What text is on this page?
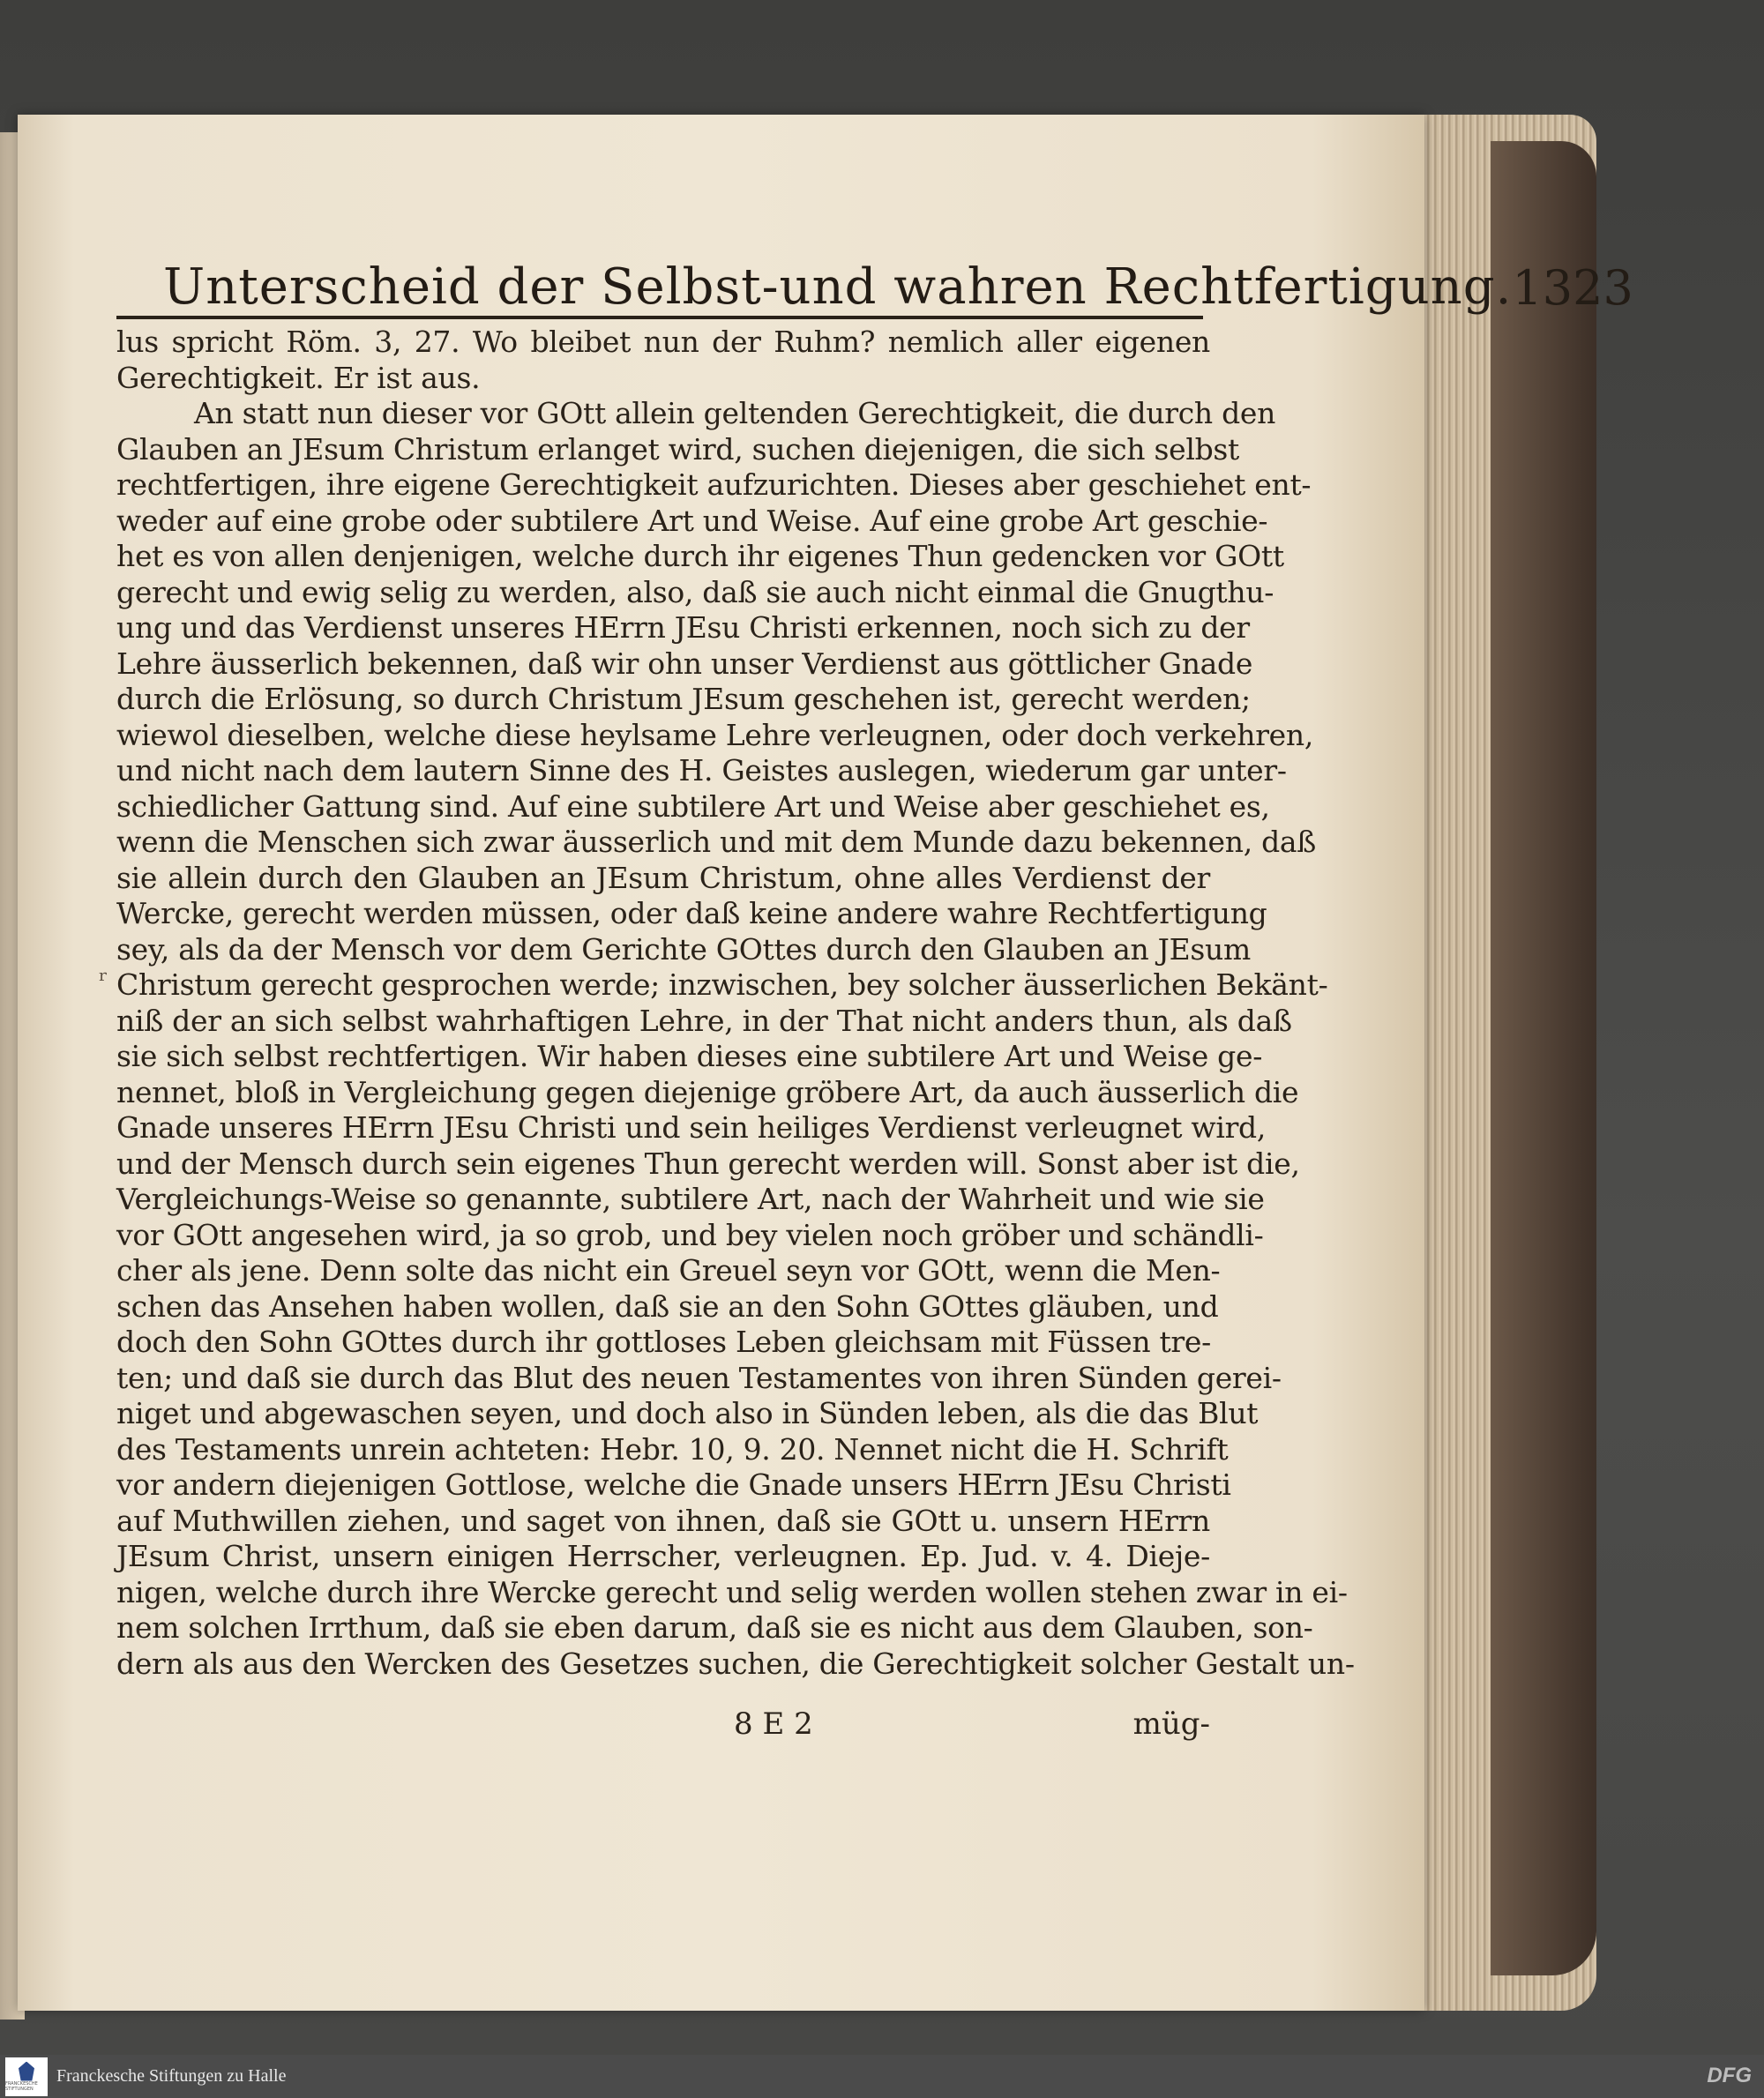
Unterscheid der Selbst-und wahren Rechtfertigung. 1323
lus spricht Röm. 3, 27. Wo bleibet nun der Ruhm? nemlich aller eigenen
Gerechtigkeit. Er ist aus.
An statt nun dieser vor GOtt allein geltenden Gerechtigkeit, die durch den
Glauben an JEsum Christum erlanget wird, suchen diejenigen, die sich selbst
rechtfertigen, ihre eigene Gerechtigkeit aufzurichten. Dieses aber geschiehet ent-
weder auf eine grobe oder subtilere Art und Weise. Auf eine grobe Art geschie-
het es von allen denjenigen, welche durch ihr eigenes Thun gedencken vor GOtt
gerecht und ewig selig zu werden, also, daß sie auch nicht einmal die Gnugthu-
ung und das Verdienst unseres HErrn JEsu Christi erkennen, noch sich zu der
Lehre äusserlich bekennen, daß wir ohn unser Verdienst aus göttlicher Gnade
durch die Erlösung, so durch Christum JEsum geschehen ist, gerecht werden;
wiewol dieselben, welche diese heylsame Lehre verleugnen, oder doch verkehren,
und nicht nach dem lautern Sinne des H. Geistes auslegen, wiederum gar unter-
schiedlicher Gattung sind. Auf eine subtilere Art und Weise aber geschiehet es,
wenn die Menschen sich zwar äusserlich und mit dem Munde dazu bekennen, daß
sie allein durch den Glauben an JEsum Christum, ohne alles Verdienst der
Wercke, gerecht werden müssen, oder daß keine andere wahre Rechtfertigung
sey, als da der Mensch vor dem Gerichte GOttes durch den Glauben an JEsum
Christum gerecht gesprochen werde; inzwischen, bey solcher äusserlichen Bekänt-
niß der an sich selbst wahrhaftigen Lehre, in der That nicht anders thun, als daß
sie sich selbst rechtfertigen. Wir haben dieses eine subtilere Art und Weise ge-
nennet, bloß in Vergleichung gegen diejenige gröbere Art, da auch äusserlich die
Gnade unseres HErrn JEsu Christi und sein heiliges Verdienst verleugnet wird,
und der Mensch durch sein eigenes Thun gerecht werden will. Sonst aber ist die,
Vergleichungs-Weise so genannte, subtilere Art, nach der Wahrheit und wie sie
vor GOtt angesehen wird, ja so grob, und bey vielen noch gröber und schändli-
cher als jene. Denn solte das nicht ein Greuel seyn vor GOtt, wenn die Men-
schen das Ansehen haben wollen, daß sie an den Sohn GOttes gläuben, und
doch den Sohn GOttes durch ihr gottloses Leben gleichsam mit Füssen tre-
ten; und daß sie durch das Blut des neuen Testamentes von ihren Sünden gerei-
niget und abgewaschen seyen, und doch also in Sünden leben, als die das Blut
des Testaments unrein achteten: Hebr. 10, 9. 20. Nennet nicht die H. Schrift
vor andern diejenigen Gottlose, welche die Gnade unsers HErrn JEsu Christi
auf Muthwillen ziehen, und saget von ihnen, daß sie GOtt u. unsern HErrn
JEsum Christ, unsern einigen Herrscher, verleugnen. Ep. Jud. v. 4. Dieje-
nigen, welche durch ihre Wercke gerecht und selig werden wollen stehen zwar in ei-
nem solchen Irrthum, daß sie eben darum, daß sie es nicht aus dem Glauben, son-
dern als aus den Wercken des Gesetzes suchen, die Gerechtigkeit solcher Gestalt un-
8 E 2	müg-
ᵣ
FRANCKESCHE STIFTUNGEN
Franckesche Stiftungen zu Halle	DFG
